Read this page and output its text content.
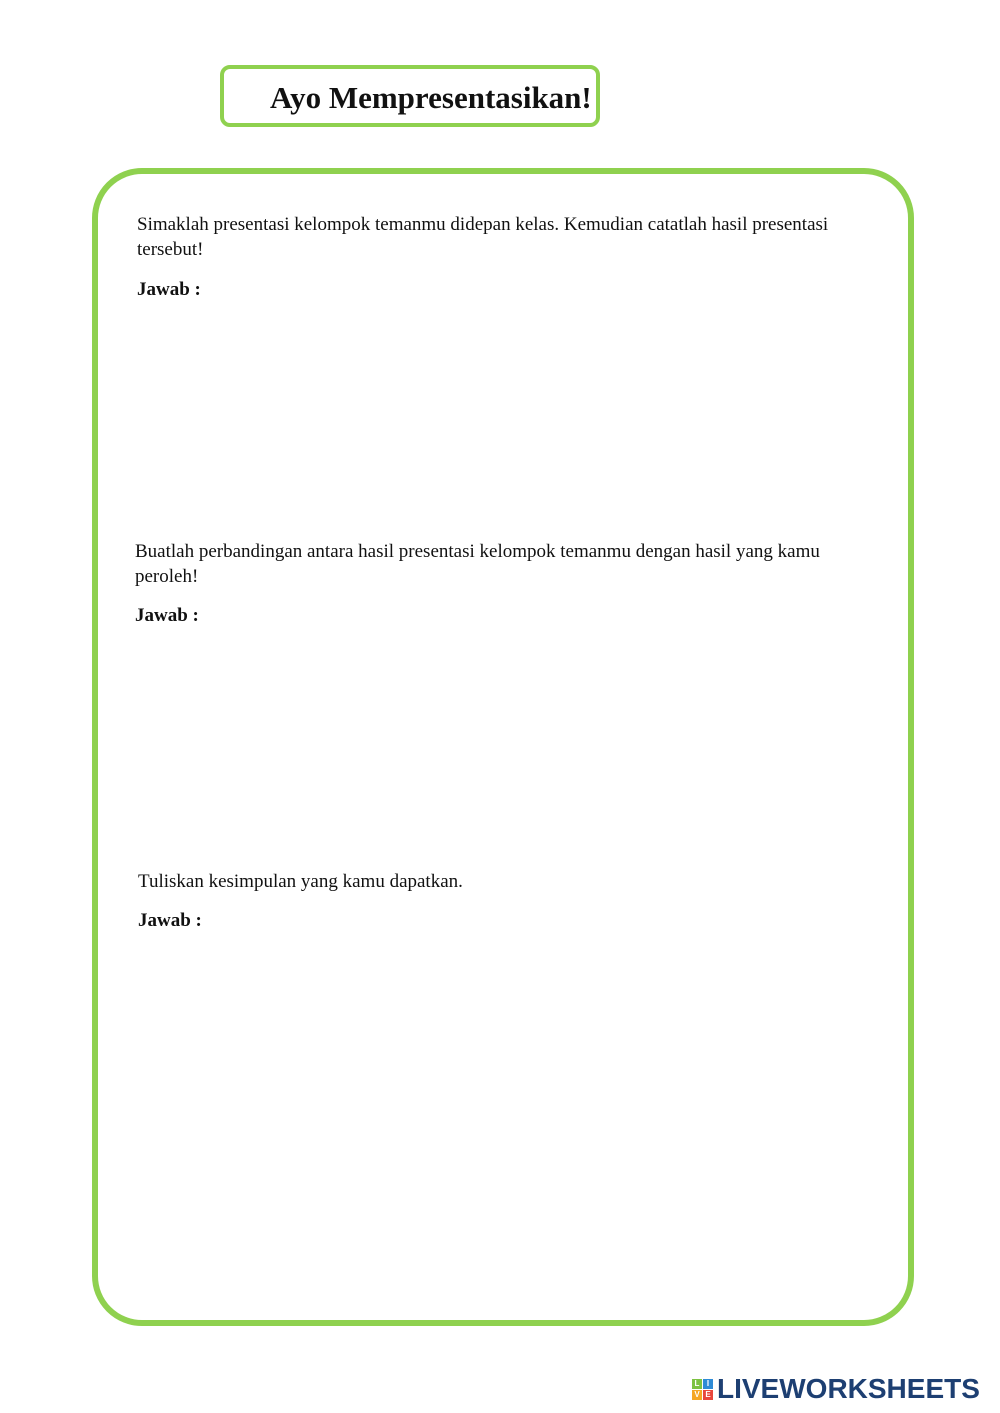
Ayo Mempresentasikan!
Simaklah presentasi kelompok temanmu didepan kelas. Kemudian catatlah hasil presentasi tersebut!
Jawab :
Buatlah perbandingan antara hasil presentasi kelompok temanmu dengan hasil yang kamu peroleh!
Jawab :
Tuliskan kesimpulan yang kamu dapatkan.
Jawab :
L I
V E LIVEWORKSHEETS
